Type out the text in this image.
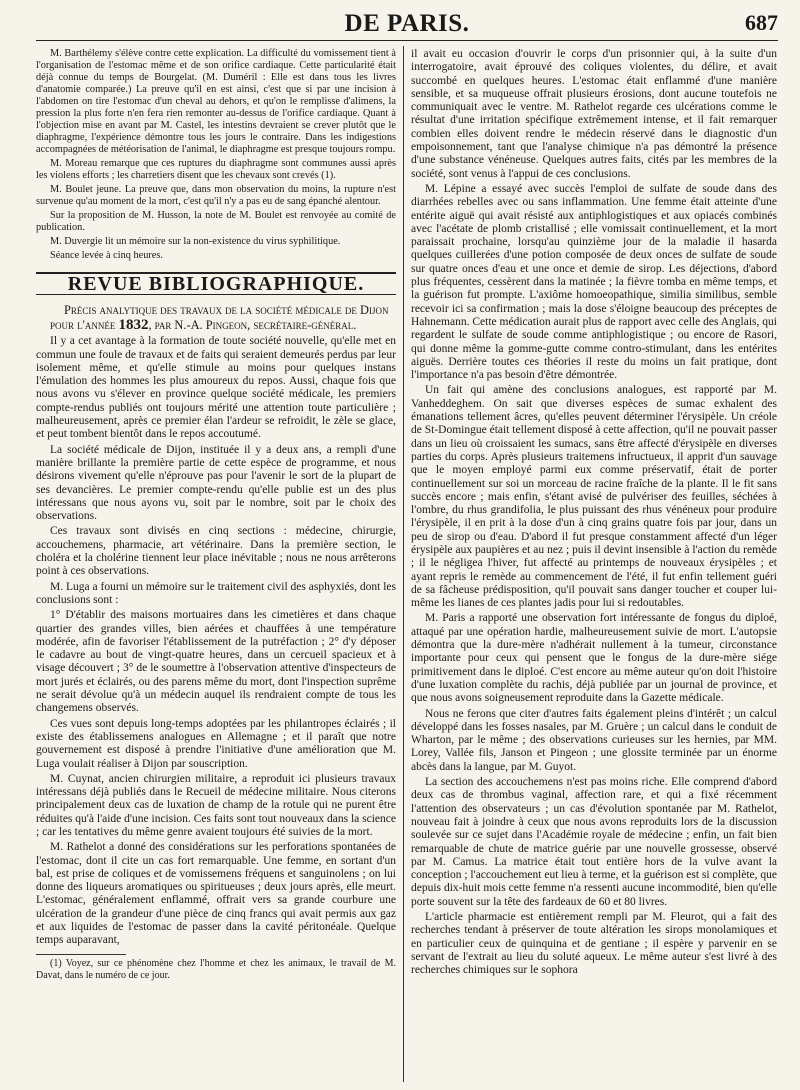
DE PARIS.	687

M. Barthélemy s'élève contre cette explication. La difficulté du vomissement tient à l'organisation de l'estomac même et de son orifice cardiaque. Cette particularité était déjà connue du temps de Bourgelat. (M. Duméril : Elle est dans tous les livres d'anatomie comparée.) La preuve qu'il en est ainsi, c'est que si par une incision à l'abdomen on tire l'estomac d'un cheval au dehors, et qu'on le remplisse d'alimens, la pression la plus forte n'en fera rien remonter au-dessus de l'orifice cardiaque. Quant à l'objection mise en avant par M. Castel, les intestins devraient se crever plutôt que le diaphragme, l'expérience démontre tous les jours le contraire. Dans les indigestions accompagnées de météorisation de l'animal, le diaphragme est presque toujours rompu.

M. Moreau remarque que ces ruptures du diaphragme sont communes aussi après les violens efforts ; les charretiers disent que les chevaux sont crevés (1).

M. Boulet jeune. La preuve que, dans mon observation du moins, la rupture n'est survenue qu'au moment de la mort, c'est qu'il n'y a pas eu de sang épanché alentour.

Sur la proposition de M. Husson, la note de M. Boulet est renvoyée au comité de publication.

M. Duvergie lit un mémoire sur la non-existence du virus syphilitique.

Séance levée à cinq heures.

REVUE BIBLIOGRAPHIQUE.

Précis analytique des travaux de la société médicale de Dijon pour l'année 1832, par N.-A. Pingeon, secrétaire-général.

Il y a cet avantage à la formation de toute société nouvelle, qu'elle met en commun une foule de travaux et de faits qui seraient demeurés perdus par leur isolement même, et qu'elle stimule au moins pour quelques instans l'émulation des hommes les plus amoureux du repos. Aussi, chaque fois que nous avons vu s'élever en province quelque société médicale, les premiers compte-rendus publiés ont toujours mérité une attention toute particulière ; malheureusement, après ce premier élan l'ardeur se refroidit, le zèle se glace, et peut tombent bientôt dans le repos accoutumé.

La société médicale de Dijon, instituée il y a deux ans, a rempli d'une manière brillante la première partie de cette espèce de programme, et nous désirons vivement qu'elle n'éprouve pas pour l'avenir le sort de la plupart de ses devancières. Le premier compte-rendu qu'elle publie est un des plus intéressans que nous ayons vu, soit par le nombre, soit par le choix des observations.

Ces travaux sont divisés en cinq sections : médecine, chirurgie, accouchemens, pharmacie, art vétérinaire. Dans la première section, le choléra et la cholérine tiennent leur place inévitable ; nous ne nous arrêterons point à ces observations.

M. Luga a fourni un mémoire sur le traitement civil des asphyxiés, dont les conclusions sont :

1° D'établir des maisons mortuaires dans les cimetières et dans chaque quartier des grandes villes, bien aérées et chauffées à une température modérée, afin de favoriser l'établissement de la putréfaction ; 2° d'y déposer le cadavre au bout de vingt-quatre heures, dans un cercueil spacieux et à visage découvert ; 3° de le soumettre à l'observation attentive d'inspecteurs de mort jurés et éclairés, ou des parens même du mort, dont l'inspection suprême ne serait dévolue qu'à un médecin auquel ils rendraient compte de tous les changemens observés.

Ces vues sont depuis long-temps adoptées par les philantropes éclairés ; il existe des établissemens analogues en Allemagne ; et il paraît que notre gouvernement est disposé à prendre l'initiative d'une amélioration que M. Luga voulait réaliser à Dijon par souscription.

M. Cuynat, ancien chirurgien militaire, a reproduit ici plusieurs travaux intéressans déjà publiés dans le Recueil de médecine militaire. Nous citerons principalement deux cas de luxation de champ de la rotule qui ne purent être réduites qu'à l'aide d'une incision. Ces faits sont tout nouveaux dans la science ; car les tentatives du même genre avaient toujours été suivies de la mort.

M. Rathelot a donné des considérations sur les perforations spontanées de l'estomac, dont il cite un cas fort remarquable. Une femme, en sortant d'un bal, est prise de coliques et de vomissemens fréquens et sanguinolens ; on lui donne des liqueurs aromatiques ou spiritueuses ; deux jours après, elle meurt. L'estomac, généralement enflammé, offrait vers sa grande courbure une ulcération de la grandeur d'une pièce de cinq francs qui avait permis aux gaz et aux liquides de l'estomac de passer dans la cavité péritonéale. Quelque temps auparavant,

(1) Voyez, sur ce phénomène chez l'homme et chez les animaux, le travail de M. Davat, dans le numéro de ce jour.

il avait eu occasion d'ouvrir le corps d'un prisonnier qui, à la suite d'un interrogatoire, avait éprouvé des coliques violentes, du délire, et avait succombé en quelques heures. L'estomac était enflammé d'une manière sensible, et sa muqueuse offrait plusieurs érosions, dont aucune toutefois ne communiquait avec le ventre. M. Rathelot regarde ces ulcérations comme le résultat d'une irritation spécifique extrêmement intense, et il fait remarquer combien elles doivent rendre le médecin réservé dans le diagnostic d'un empoisonnement, tant que l'analyse chimique n'a pas démontré la présence d'une substance vénéneuse. Quelques autres faits, cités par les membres de la société, sont venus à l'appui de ces conclusions.

M. Lépine a essayé avec succès l'emploi de sulfate de soude dans des diarrhées rebelles avec ou sans inflammation. Une femme était atteinte d'une entérite aiguë qui avait résisté aux antiphlogistiques et aux opiacés combinés avec l'acétate de plomb cristallisé ; elle vomissait continuellement, et la mort paraissait prochaine, lorsqu'au quinzième jour de la maladie il hasarda quelques cuillerées d'une potion composée de deux onces de sulfate de soude sur quatre onces d'eau et une once et demie de sirop. Les déjections, d'abord plus fréquentes, cessèrent dans la matinée ; la fièvre tomba en même temps, et la guérison fut prompte. L'axiôme homoeopathique, similia similibus, semble recevoir ici sa confirmation ; mais la dose s'éloigne beaucoup des préceptes de Hahnemann. Cette médication aurait plus de rapport avec celle des Anglais, qui regardent le sulfate de soude comme antiphlogistique ; ou encore de Rasori, qui donne même la gomme-gutte comme contro-stimulant, dans les entérites aiguës. Derrière toutes ces théories il reste du moins un fait pratique, dont l'importance n'a pas besoin d'être démontrée.

Un fait qui amène des conclusions analogues, est rapporté par M. Vanheddeghem. On sait que diverses espèces de sumac exhalent des émanations tellement âcres, qu'elles peuvent déterminer l'érysipèle. Un créole de St-Domingue était tellement disposé à cette affection, qu'il ne pouvait passer dans un lieu où croissaient les sumacs, sans être affecté d'érysipèle en diverses parties du corps. Après plusieurs traitemens infructueux, il apprit d'un sauvage que le moyen employé parmi eux comme préservatif, était de porter continuellement sur soi un morceau de racine fraîche de la plante. Il le fit sans succès encore ; mais enfin, s'étant avisé de pulvériser des feuilles, séchées à l'ombre, du rhus grandifolia, le plus puissant des rhus vénéneux pour produire l'érysipèle, il en prit à la dose d'un à cinq grains quatre fois par jour, dans un peu de sirop ou d'eau. D'abord il fut presque constamment affecté d'un léger érysipèle aux paupières et au nez ; puis il devint insensible à l'action du remède ; il le négligea l'hiver, fut affecté au printemps de nouveaux érysipèles ; et ayant repris le remède au commencement de l'été, il fut enfin tellement guéri de sa fâcheuse prédisposition, qu'il pouvait sans danger toucher et couper lui-même les lianes de ces plantes jadis pour lui si redoutables.

M. Paris a rapporté une observation fort intéressante de fongus du diploé, attaqué par une opération hardie, malheureusement suivie de mort. L'autopsie démontra que la dure-mère n'adhérait nullement à la tumeur, circonstance importante pour ceux qui pensent que le fongus de la dure-mère siége primitivement dans le diploé. C'est encore au même auteur qu'on doit l'histoire d'une luxation complète du rachis, déjà publiée par un journal de province, et que nous avons soigneusement reproduite dans la Gazette médicale.

Nous ne ferons que citer d'autres faits également pleins d'intérêt ; un calcul développé dans les fosses nasales, par M. Gruère ; un calcul dans le conduit de Wharton, par le même ; des observations curieuses sur les hernies, par MM. Lorey, Vallée fils, Janson et Pingeon ; une glossite terminée par un énorme abcès dans la langue, par M. Guyot.

La section des accouchemens n'est pas moins riche. Elle comprend d'abord deux cas de thrombus vaginal, affection rare, et qui a fixé récemment l'attention des observateurs ; un cas d'évolution spontanée par M. Rathelot, nouveau fait à joindre à ceux que nous avons reproduits lors de la discussion soulevée sur ce sujet dans l'Académie royale de médecine ; enfin, un fait bien remarquable de chute de matrice guérie par une nouvelle grossesse, observé par M. Camus. La matrice était tout entière hors de la vulve avant la conception ; l'accouchement eut lieu à terme, et la guérison est si complète, que depuis dix-huit mois cette femme n'a ressenti aucune incommodité, bien qu'elle porte souvent sur la tête des fardeaux de 60 et 80 livres.

L'article pharmacie est entièrement rempli par M. Fleurot, qui a fait des recherches tendant à préserver de toute altération les sirops monolamiques et en particulier ceux de quinquina et de gentiane ; il espère y parvenir en se servant de l'extrait au lieu du soluté aqueux. Le même auteur s'est livré à des recherches chimiques sur le sophora
